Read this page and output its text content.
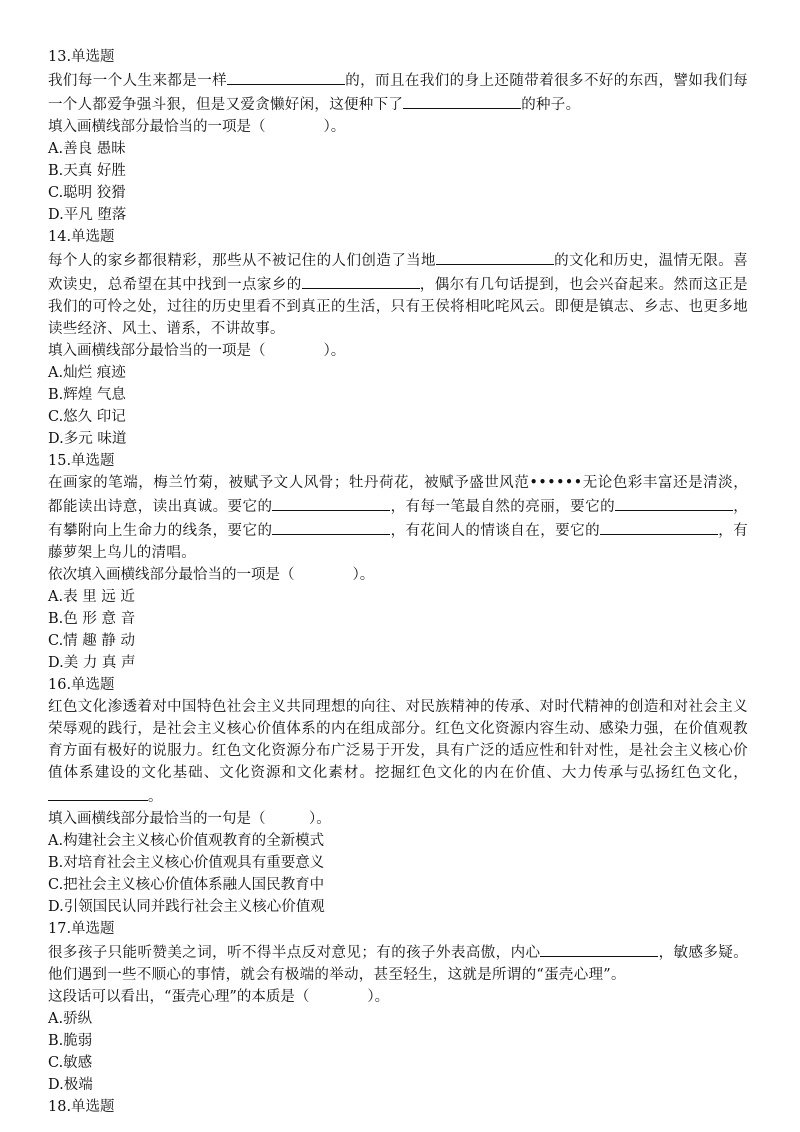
13.单选题
我们每一个人生来都是一样	的，而且在我们的身上还随带着很多不好的东西，譬如我们每一个人都爱争强斗狠，但是又爱贪懒好闲，这便种下了	的种子。
填入画横线部分最恰当的一项是（　　　　）。
A.善良 愚昧
B.天真 好胜
C.聪明 狡猾
D.平凡 堕落
14.单选题
每个人的家乡都很精彩，那些从不被记住的人们创造了当地	的文化和历史，温情无限。喜欢读史，总希望在其中找到一点家乡的	，偶尔有几句话提到，也会兴奋起来。然而这正是我们的可怜之处，过往的历史里看不到真正的生活，只有王侯将相叱咤风云。即便是镇志、乡志、也更多地读些经济、风土、谱系，不讲故事。
填入画横线部分最恰当的一项是（　　　　）。
A.灿烂 痕迹
B.辉煌 气息
C.悠久 印记
D.多元 味道
15.单选题
在画家的笔端，梅兰竹菊，被赋予文人风骨；牡丹荷花，被赋予盛世风范••••••无论色彩丰富还是清淡，都能读出诗意，读出真诚。要它的	，有每一笔最自然的亮丽，要它的	，有攀附向上生命力的线条，要它的	，有花间人的情谈自在，要它的	，有藤萝架上鸟儿的清唱。
依次填入画横线部分最恰当的一项是（　　　　）。
A.表 里 远 近
B.色 形 意 音
C.情 趣 静 动
D.美 力 真 声
16.单选题
红色文化渗透着对中国特色社会主义共同理想的向往、对民族精神的传承、对时代精神的创造和对社会主义荣辱观的践行，是社会主义核心价值体系的内在组成部分。红色文化资源内容生动、感染力强，在价值观教育方面有极好的说服力。红色文化资源分布广泛易于开发，具有广泛的适应性和针对性，是社会主义核心价值体系建设的文化基础、文化资源和文化素材。挖掘红色文化的内在价值、大力传承与弘扬红色文化，。
填入画横线部分最恰当的一句是（　　　）。
A.构建社会主义核心价值观教育的全新模式
B.对培育社会主义核心价值观具有重要意义
C.把社会主义核心价值体系融人国民教育中
D.引领国民认同并践行社会主义核心价值观
17.单选题
很多孩子只能听赞美之词，听不得半点反对意见；有的孩子外表高傲，内心	，敏感多疑。他们遇到一些不顺心的事情，就会有极端的举动，甚至轻生，这就是所谓的“蛋壳心理”。
这段话可以看出，“蛋壳心理”的本质是（　　　　）。
A.骄纵
B.脆弱
C.敏感
D.极端
18.单选题
